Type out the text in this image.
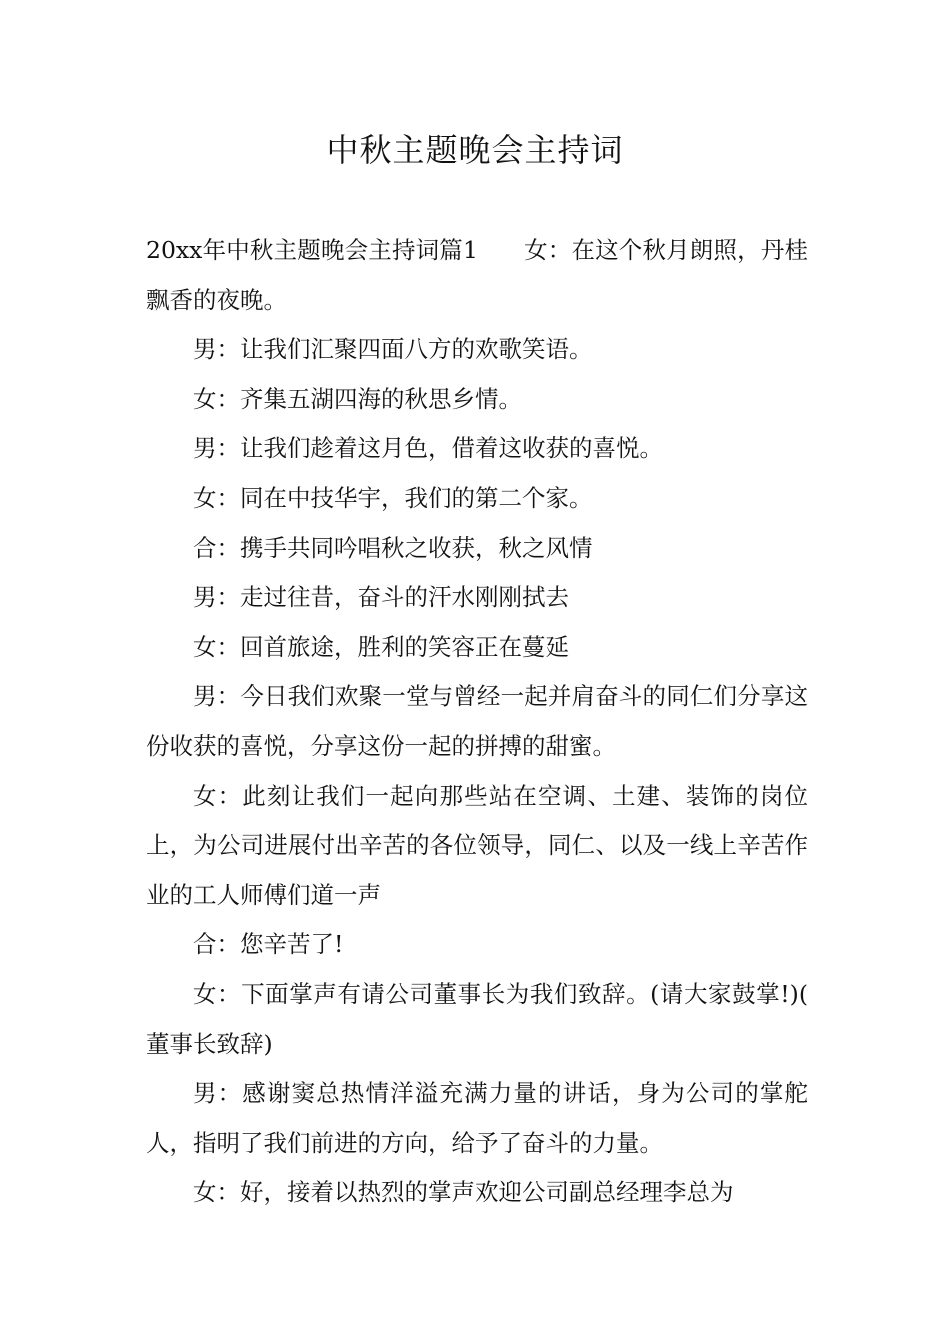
中秋主题晚会主持词

20xx年中秋主题晚会主持词篇1 女：在这个秋月朗照，丹桂飘香的夜晚。

男：让我们汇聚四面八方的欢歌笑语。

女：齐集五湖四海的秋思乡情。

男：让我们趁着这月色，借着这收获的喜悦。

女：同在中技华宇，我们的第二个家。

合：携手共同吟唱秋之收获，秋之风情

男：走过往昔，奋斗的汗水刚刚拭去

女：回首旅途，胜利的笑容正在蔓延

男：今日我们欢聚一堂与曾经一起并肩奋斗的同仁们分享这份收获的喜悦，分享这份一起的拼搏的甜蜜。

女：此刻让我们一起向那些站在空调、土建、装饰的岗位上，为公司进展付出辛苦的各位领导，同仁、以及一线上辛苦作业的工人师傅们道一声

合：您辛苦了!

女：下面掌声有请公司董事长为我们致辞。(请大家鼓掌!)( 董事长致辞)

男：感谢窦总热情洋溢充满力量的讲话，身为公司的掌舵人，指明了我们前进的方向，给予了奋斗的力量。

女：好，接着以热烈的掌声欢迎公司副总经理李总为
